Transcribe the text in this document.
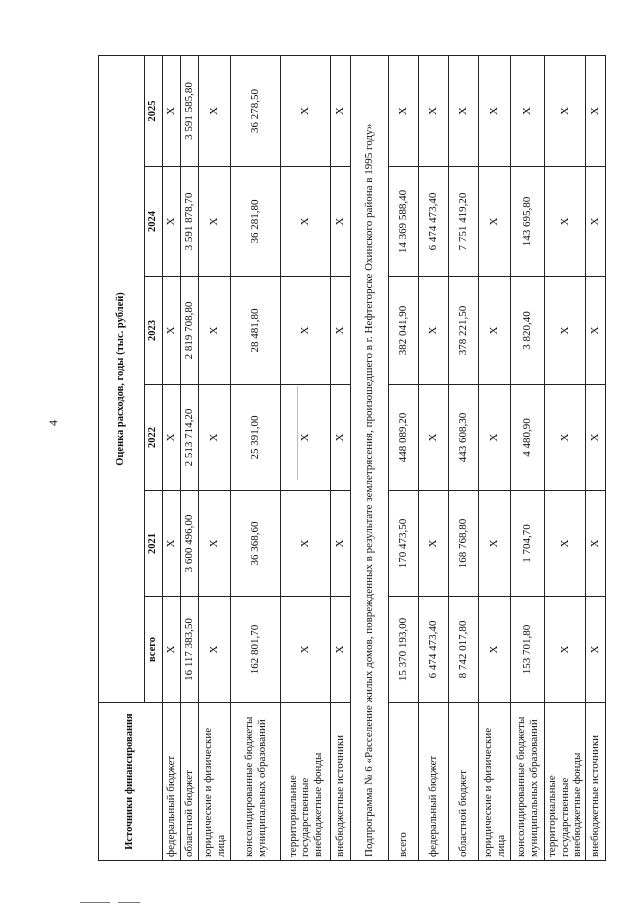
4
Источники финансирования	Оценка расходов, годы (тыс. рублей)					
	всего	2021	2022	2023	2024	2025
федеральный бюджет	X	X	X	X	X	X
областной бюджет	16 117 383,50	3 600 496,00	2 513 714,20	2 819 708,80	3 591 878,70	3 591 585,80
юридические и физические лица	X	X	X	X	X	X
консолидированные бюджеты муниципальных образований	162 801,70	36 368,60	25 391,00	28 481,80	36 281,80	36 278,50
территориальные государственные внебюджетные фонды	X	X	X	X	X	X
внебюджетные источники	X	X	X	X	X	X
Подпрограмма № 6 «Расселение жилых домов, поврежденных в результате землетрясения, произошедшего в г. Нефтегорске Охинского района в 1995 году»						
всего	15 370 193,00	170 473,50	448 089,20	382 041,90	14 369 588,40	X
федеральный бюджет	6 474 473,40	X	X	X	6 474 473,40	X
областной бюджет	8 742 017,80	168 768,80	443 608,30	378 221,50	7 751 419,20	X
юридические и физические лица	X	X	X	X	X	X
консолидированные бюджеты муниципальных образований	153 701,80	1 704,70	4 480,90	3 820,40	143 695,80	X
территориальные государственные внебюджетные фонды	X	X	X	X	X	X
внебюджетные источники	X	X	X	X	X	X
